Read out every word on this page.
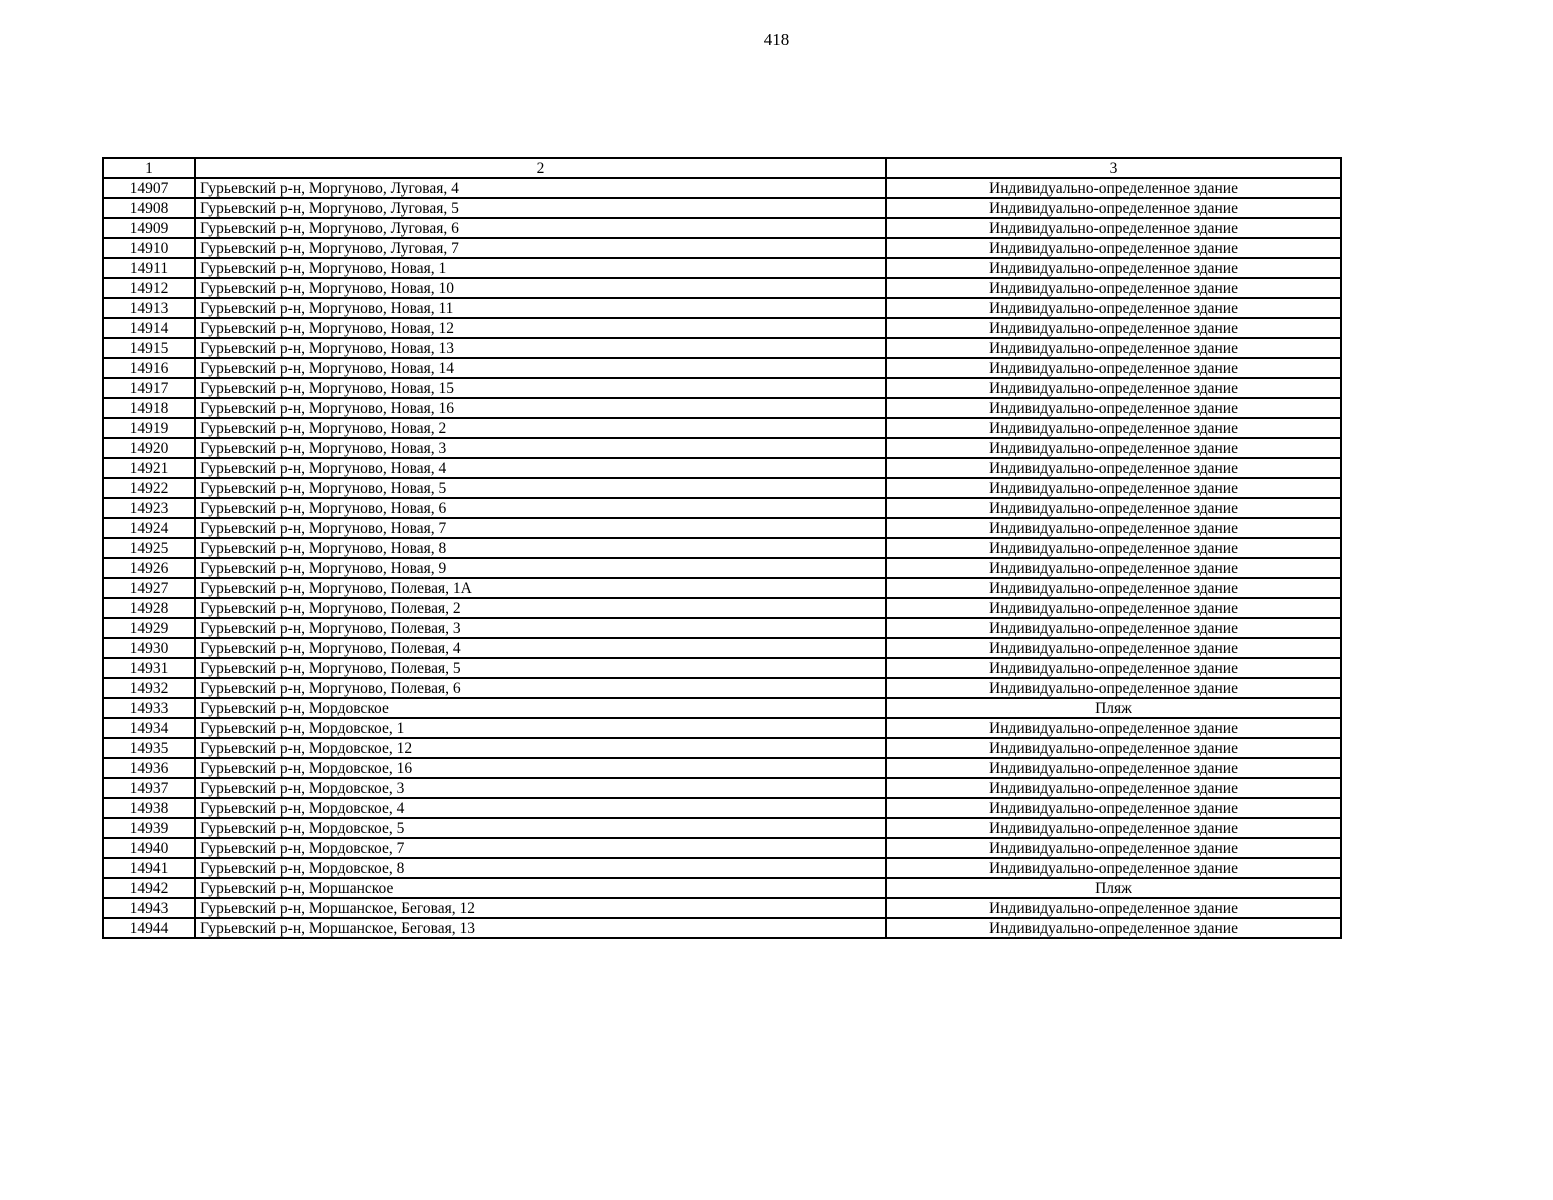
418
1	2	3
14907	Гурьевский р-н, Моргуново, Луговая, 4	Индивидуально-определенное здание
14908	Гурьевский р-н, Моргуново, Луговая, 5	Индивидуально-определенное здание
14909	Гурьевский р-н, Моргуново, Луговая, 6	Индивидуально-определенное здание
14910	Гурьевский р-н, Моргуново, Луговая, 7	Индивидуально-определенное здание
14911	Гурьевский р-н, Моргуново, Новая, 1	Индивидуально-определенное здание
14912	Гурьевский р-н, Моргуново, Новая, 10	Индивидуально-определенное здание
14913	Гурьевский р-н, Моргуново, Новая, 11	Индивидуально-определенное здание
14914	Гурьевский р-н, Моргуново, Новая, 12	Индивидуально-определенное здание
14915	Гурьевский р-н, Моргуново, Новая, 13	Индивидуально-определенное здание
14916	Гурьевский р-н, Моргуново, Новая, 14	Индивидуально-определенное здание
14917	Гурьевский р-н, Моргуново, Новая, 15	Индивидуально-определенное здание
14918	Гурьевский р-н, Моргуново, Новая, 16	Индивидуально-определенное здание
14919	Гурьевский р-н, Моргуново, Новая, 2	Индивидуально-определенное здание
14920	Гурьевский р-н, Моргуново, Новая, 3	Индивидуально-определенное здание
14921	Гурьевский р-н, Моргуново, Новая, 4	Индивидуально-определенное здание
14922	Гурьевский р-н, Моргуново, Новая, 5	Индивидуально-определенное здание
14923	Гурьевский р-н, Моргуново, Новая, 6	Индивидуально-определенное здание
14924	Гурьевский р-н, Моргуново, Новая, 7	Индивидуально-определенное здание
14925	Гурьевский р-н, Моргуново, Новая, 8	Индивидуально-определенное здание
14926	Гурьевский р-н, Моргуново, Новая, 9	Индивидуально-определенное здание
14927	Гурьевский р-н, Моргуново, Полевая, 1А	Индивидуально-определенное здание
14928	Гурьевский р-н, Моргуново, Полевая, 2	Индивидуально-определенное здание
14929	Гурьевский р-н, Моргуново, Полевая, 3	Индивидуально-определенное здание
14930	Гурьевский р-н, Моргуново, Полевая, 4	Индивидуально-определенное здание
14931	Гурьевский р-н, Моргуново, Полевая, 5	Индивидуально-определенное здание
14932	Гурьевский р-н, Моргуново, Полевая, 6	Индивидуально-определенное здание
14933	Гурьевский р-н, Мордовское	Пляж
14934	Гурьевский р-н, Мордовское, 1	Индивидуально-определенное здание
14935	Гурьевский р-н, Мордовское, 12	Индивидуально-определенное здание
14936	Гурьевский р-н, Мордовское, 16	Индивидуально-определенное здание
14937	Гурьевский р-н, Мордовское, 3	Индивидуально-определенное здание
14938	Гурьевский р-н, Мордовское, 4	Индивидуально-определенное здание
14939	Гурьевский р-н, Мордовское, 5	Индивидуально-определенное здание
14940	Гурьевский р-н, Мордовское, 7	Индивидуально-определенное здание
14941	Гурьевский р-н, Мордовское, 8	Индивидуально-определенное здание
14942	Гурьевский р-н, Моршанское	Пляж
14943	Гурьевский р-н, Моршанское, Беговая, 12	Индивидуально-определенное здание
14944	Гурьевский р-н, Моршанское, Беговая, 13	Индивидуально-определенное здание
